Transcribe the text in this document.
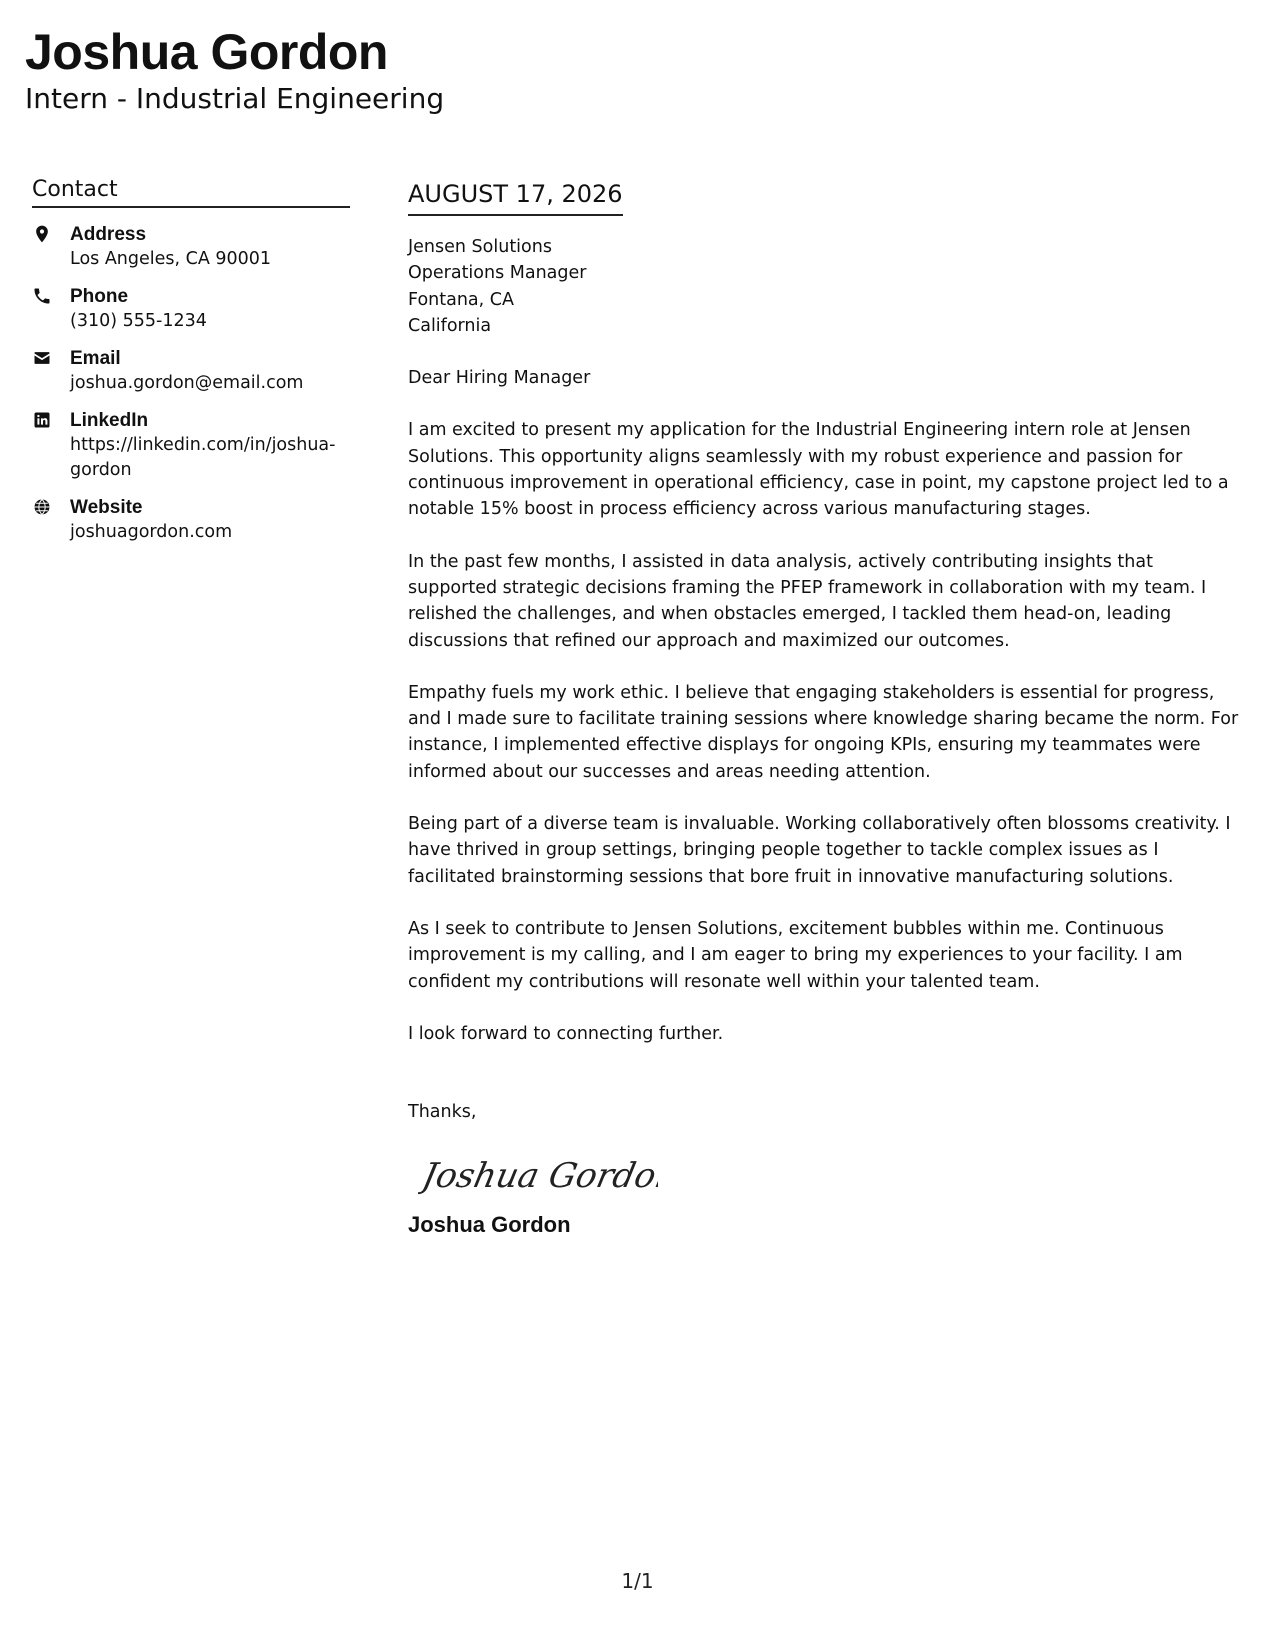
Joshua Gordon
Intern - Industrial Engineering
Contact
Address
Los Angeles, CA 90001
Phone
(310) 555-1234
Email
joshua.gordon@email.com
LinkedIn
https://linkedin.com/in/joshua-gordon
Website
joshuagordon.com
AUGUST 17, 2026
Jensen Solutions
Operations Manager
Fontana, CA
California
Dear Hiring Manager
I am excited to present my application for the Industrial Engineering intern role at Jensen Solutions. This opportunity aligns seamlessly with my robust experience and passion for continuous improvement in operational efficiency, case in point, my capstone project led to a notable 15% boost in process efficiency across various manufacturing stages.
In the past few months, I assisted in data analysis, actively contributing insights that supported strategic decisions framing the PFEP framework in collaboration with my team. I relished the challenges, and when obstacles emerged, I tackled them head-on, leading discussions that refined our approach and maximized our outcomes.
Empathy fuels my work ethic. I believe that engaging stakeholders is essential for progress, and I made sure to facilitate training sessions where knowledge sharing became the norm. For instance, I implemented effective displays for ongoing KPIs, ensuring my teammates were informed about our successes and areas needing attention.
Being part of a diverse team is invaluable. Working collaboratively often blossoms creativity. I have thrived in group settings, bringing people together to tackle complex issues as I facilitated brainstorming sessions that bore fruit in innovative manufacturing solutions.
As I seek to contribute to Jensen Solutions, excitement bubbles within me. Continuous improvement is my calling, and I am eager to bring my experiences to your facility. I am confident my contributions will resonate well within your talented team.
I look forward to connecting further.
Thanks,
Joshua Gordon
Joshua Gordon
1/1
